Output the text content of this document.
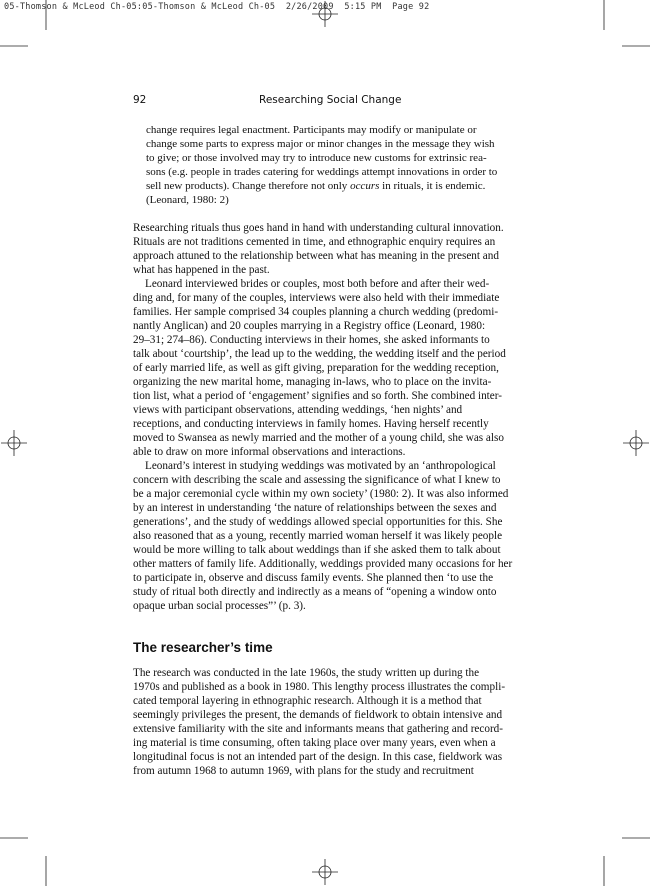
05-Thomson & McLeod Ch-05:05-Thomson & McLeod Ch-05  2/26/2009  5:15 PM  Page 92
92	Researching Social Change
change requires legal enactment. Participants may modify or manipulate or
change some parts to express major or minor changes in the message they wish
to give; or those involved may try to introduce new customs for extrinsic rea-
sons (e.g. people in trades catering for weddings attempt innovations in order to
sell new products). Change therefore not only occurs in rituals, it is endemic.
(Leonard, 1980: 2)
Researching rituals thus goes hand in hand with understanding cultural innovation.
Rituals are not traditions cemented in time, and ethnographic enquiry requires an
approach attuned to the relationship between what has meaning in the present and
what has happened in the past.
Leonard interviewed brides or couples, most both before and after their wed-
ding and, for many of the couples, interviews were also held with their immediate
families. Her sample comprised 34 couples planning a church wedding (predomi-
nantly Anglican) and 20 couples marrying in a Registry office (Leonard, 1980:
29–31; 274–86). Conducting interviews in their homes, she asked informants to
talk about ‘courtship’, the lead up to the wedding, the wedding itself and the period
of early married life, as well as gift giving, preparation for the wedding reception,
organizing the new marital home, managing in-laws, who to place on the invita-
tion list, what a period of ‘engagement’ signifies and so forth. She combined inter-
views with participant observations, attending weddings, ‘hen nights’ and
receptions, and conducting interviews in family homes. Having herself recently
moved to Swansea as newly married and the mother of a young child, she was also
able to draw on more informal observations and interactions.
Leonard’s interest in studying weddings was motivated by an ‘anthropological
concern with describing the scale and assessing the significance of what I knew to
be a major ceremonial cycle within my own society’ (1980: 2). It was also informed
by an interest in understanding ‘the nature of relationships between the sexes and
generations’, and the study of weddings allowed special opportunities for this. She
also reasoned that as a young, recently married woman herself it was likely people
would be more willing to talk about weddings than if she asked them to talk about
other matters of family life. Additionally, weddings provided many occasions for her
to participate in, observe and discuss family events. She planned then ‘to use the
study of ritual both directly and indirectly as a means of “opening a window onto
opaque urban social processes”’ (p. 3).
The researcher’s time
The research was conducted in the late 1960s, the study written up during the
1970s and published as a book in 1980. This lengthy process illustrates the compli-
cated temporal layering in ethnographic research. Although it is a method that
seemingly privileges the present, the demands of fieldwork to obtain intensive and
extensive familiarity with the site and informants means that gathering and record-
ing material is time consuming, often taking place over many years, even when a
longitudinal focus is not an intended part of the design. In this case, fieldwork was
from autumn 1968 to autumn 1969, with plans for the study and recruitment
